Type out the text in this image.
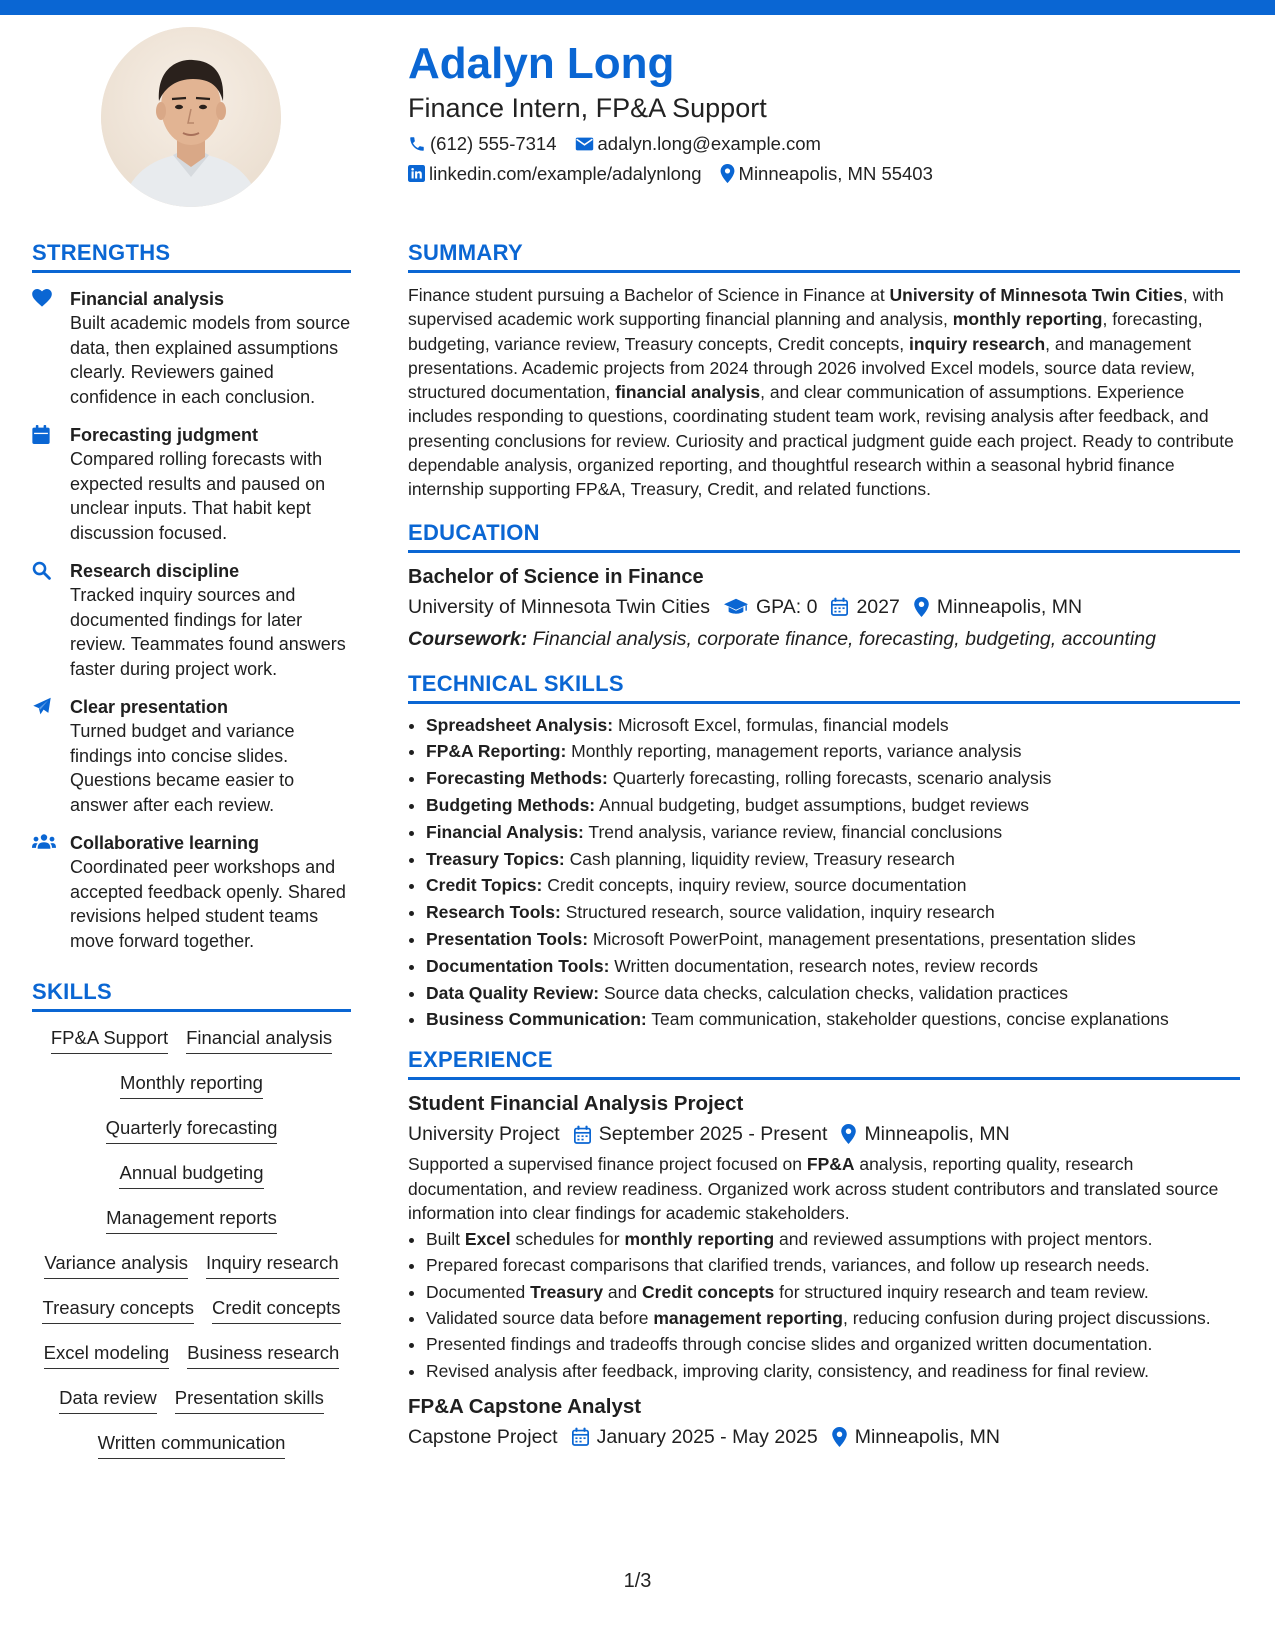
Adalyn Long
Finance Intern, FP&A Support
(612) 555-7314 adalyn.long@example.com
linkedin.com/example/adalynlong Minneapolis, MN 55403
STRENGTHS
Financial analysis
Built academic models from source data, then explained assumptions clearly. Reviewers gained confidence in each conclusion.
Forecasting judgment
Compared rolling forecasts with expected results and paused on unclear inputs. That habit kept discussion focused.
Research discipline
Tracked inquiry sources and documented findings for later review. Teammates found answers faster during project work.
Clear presentation
Turned budget and variance findings into concise slides. Questions became easier to answer after each review.
Collaborative learning
Coordinated peer workshops and accepted feedback openly. Shared revisions helped student teams move forward together.
SKILLS
FP&A Support Financial analysis
Monthly reporting
Quarterly forecasting
Annual budgeting
Management reports
Variance analysis Inquiry research
Treasury concepts Credit concepts
Excel modeling Business research
Data review Presentation skills
Written communication
SUMMARY

Finance student pursuing a Bachelor of Science in Finance at University of Minnesota Twin Cities, with supervised academic work supporting financial planning and analysis, monthly reporting, forecasting, budgeting, variance review, Treasury concepts, Credit concepts, inquiry research, and management presentations. Academic projects from 2024 through 2026 involved Excel models, source data review, structured documentation, financial analysis, and clear communication of assumptions. Experience includes responding to questions, coordinating student team work, revising analysis after feedback, and presenting conclusions for review. Curiosity and practical judgment guide each project. Ready to contribute dependable analysis, organized reporting, and thoughtful research within a seasonal hybrid finance internship supporting FP&A, Treasury, Credit, and related functions.

EDUCATION
Bachelor of Science in Finance
University of Minnesota Twin Cities GPA: 0 2027 Minneapolis, MN
Coursework: Financial analysis, corporate finance, forecasting, budgeting, accounting
TECHNICAL SKILLS
• Spreadsheet Analysis: Microsoft Excel, formulas, financial models
• FP&A Reporting: Monthly reporting, management reports, variance analysis
• Forecasting Methods: Quarterly forecasting, rolling forecasts, scenario analysis
• Budgeting Methods: Annual budgeting, budget assumptions, budget reviews
• Financial Analysis: Trend analysis, variance review, financial conclusions
• Treasury Topics: Cash planning, liquidity review, Treasury research
• Credit Topics: Credit concepts, inquiry review, source documentation
• Research Tools: Structured research, source validation, inquiry research
• Presentation Tools: Microsoft PowerPoint, management presentations, presentation slides
• Documentation Tools: Written documentation, research notes, review records
• Data Quality Review: Source data checks, calculation checks, validation practices
• Business Communication: Team communication, stakeholder questions, concise explanations
EXPERIENCE
Student Financial Analysis Project
University Project September 2025 - Present Minneapolis, MN
Supported a supervised finance project focused on FP&A analysis, reporting quality, research documentation, and review readiness. Organized work across student contributors and translated source information into clear findings for academic stakeholders.
• Built Excel schedules for monthly reporting and reviewed assumptions with project mentors.
• Prepared forecast comparisons that clarified trends, variances, and follow up research needs.
• Documented Treasury and Credit concepts for structured inquiry research and team review.
• Validated source data before management reporting, reducing confusion during project discussions.
• Presented findings and tradeoffs through concise slides and organized written documentation.
• Revised analysis after feedback, improving clarity, consistency, and readiness for final review.
FP&A Capstone Analyst
Capstone Project January 2025 - May 2025 Minneapolis, MN
1/3
